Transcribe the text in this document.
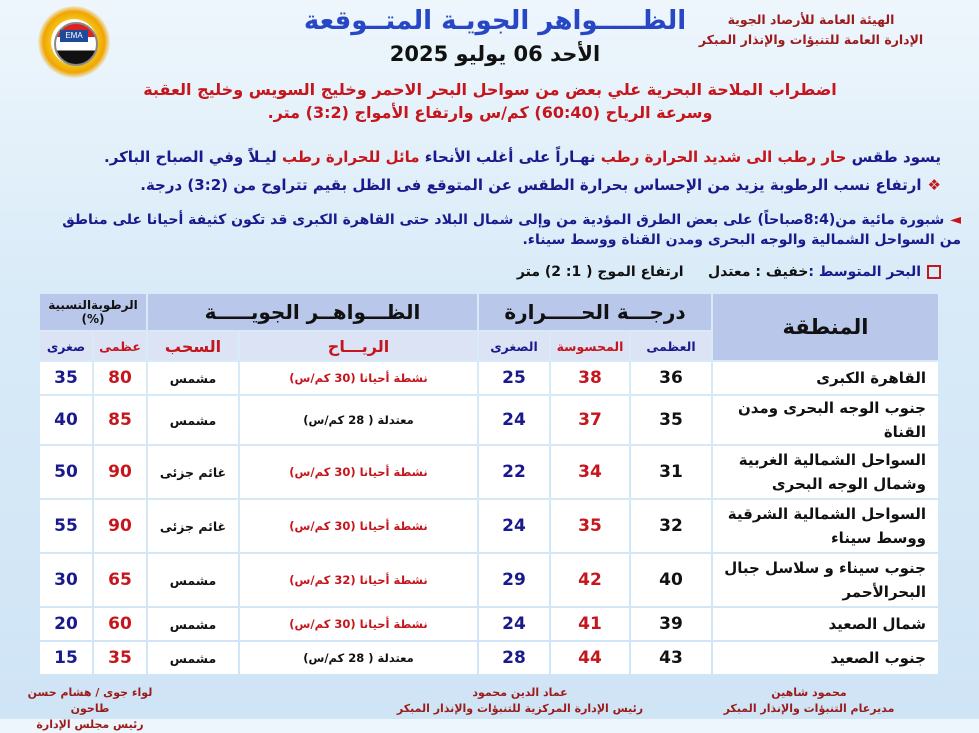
EMA
الهيئة العامة للأرصاد الجوية
الإدارة العامة للتنبؤات والإنذار المبكر
الظـــــواهر الجويـة المتــوقعة
الأحد 06 يوليو 2025
اضطراب الملاحة البحرية علي بعض من سواحل البحر الاحمر وخليج السويس وخليج العقبة
وسرعة الرياح (60:40) كم/س وارتفاع الأمواج (3:2) متر.
يسود طقس حار رطب الى شديد الحرارة رطب نهـاراً على أغلب الأنحاء مائل للحرارة رطب ليـلاً وفي الصباح الباكر.
❖ارتفاع نسب الرطوبة يزيد من الإحساس بحرارة الطقس عن المتوقع فى الظل بقيم تتراوح من (3:2) درجة.
◄شبورة مائية من(8:4صباحاً) على بعض الطرق المؤدية من وإلى شمال البلاد حتى القاهرة الكبرى قد تكون كثيفة أحيانا على مناطق من السواحل الشمالية والوجه البحرى ومدن القناة ووسط سيناء.
البحر المتوسط :خفيف : معتدل     ارتفاع الموج ( 1: 2) متر
المنطقة	درجـــة الحـــــرارة			الظـــواهــر الجويـــــة		الرطوبةالنسبية (%)	
	العظمى	المحسوسة	الصغرى	الريـــاح	السحب	عظمى	صغرى
القاهرة الكبرى	36	38	25	نشطة أحيانا (30 كم/س)	مشمس	80	35
جنوب الوجه البحرى ومدن القناة	35	37	24	معتدلة ( 28 كم/س)	مشمس	85	40
السواحل الشمالية الغربية وشمال الوجه البحرى	31	34	22	نشطة أحيانا (30 كم/س)	غائم جزئى	90	50
السواحل الشمالية الشرقية ووسط سيناء	32	35	24	نشطة أحيانا (30 كم/س)	غائم جزئى	90	55
جنوب سيناء و سلاسل جبال البحرالأحمر	40	42	29	نشطة أحيانا (32 كم/س)	مشمس	65	30
شمال الصعيد	39	41	24	نشطة أحيانا (30 كم/س)	مشمس	60	20
جنوب الصعيد	43	44	28	معتدلة ( 28 كم/س)	مشمس	35	15
محمود شاهين
مديرعام التنبؤات والإنذار المبكر
عماد الدين محمود
رئيس الإدارة المركزية للتنبؤات والإنذار المبكر
لواء جوى / هشام حسن طاحون
رئيس مجلس الإدارة
